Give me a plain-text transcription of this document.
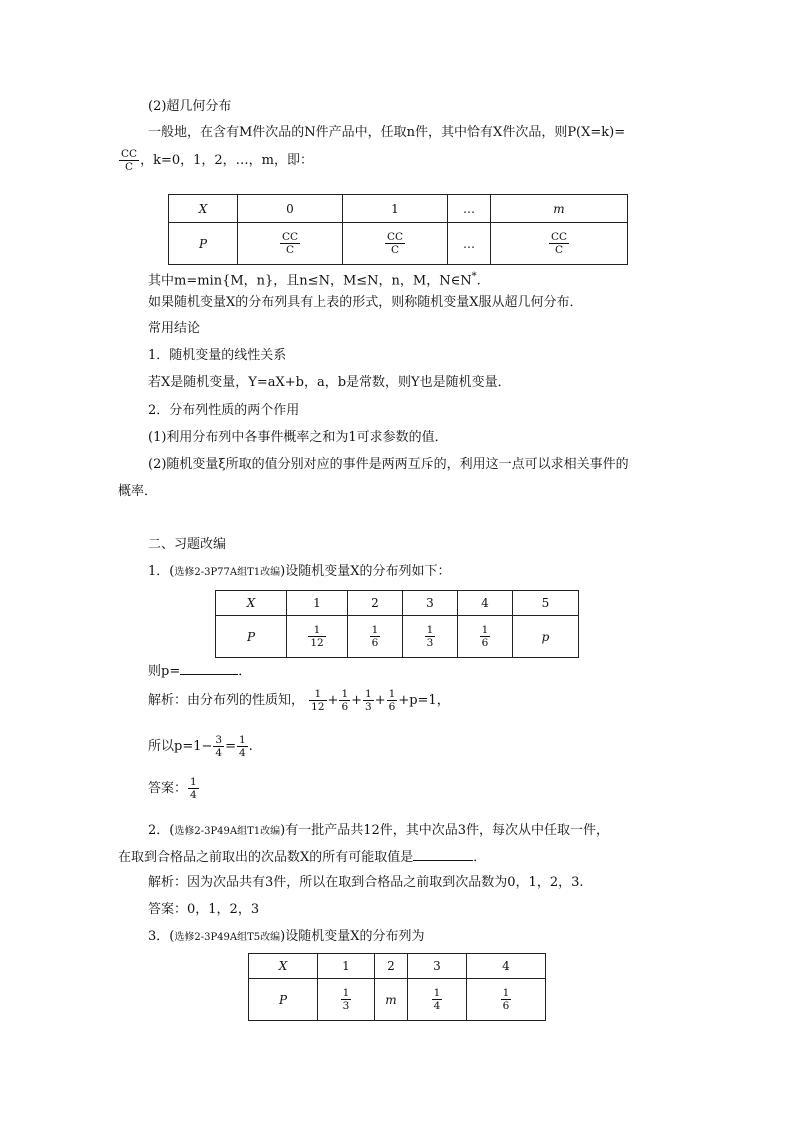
(2)超几何分布
一般地，在含有M件次品的N件产品中，任取n件，其中恰有X件次品，则P(X=k)=
$\frac{CC}{C}$ ，k=0，1，2，…，m，即：
X	0	1	…	m
P	$\frac{CC}{C}$	$\frac{CC}{C}$	…	$\frac{CC}{C}$
其中m=min{M，n}，且n≤N，M≤N，n，M，N∈N*.
如果随机变量X的分布列具有上表的形式，则称随机变量X服从超几何分布．
常用结论
1．随机变量的线性关系
若X是随机变量，Y=aX+b，a，b是常数，则Y也是随机变量．
2．分布列性质的两个作用
(1)利用分布列中各事件概率之和为1可求参数的值．
(2)随机变量ξ所取的值分别对应的事件是两两互斥的，利用这一点可以求相关事件的
概率．
二、习题改编
1．(选修2-3P77A组T1改编)设随机变量X的分布列如下：
X	1	2	3	4	5
P	$\frac{1}{12}$	$\frac{1}{6}$	$\frac{1}{3}$	$\frac{1}{6}$	p
则p=	．
解析：由分布列的性质知， $\frac{1}{12} + \frac{1}{6} + \frac{1}{3} + \frac{1}{6} +p=1$，
所以$p=1- \frac{3}{4} = \frac{1}{4}$ .
答案： $\frac{1}{4}$
2．(选修2-3P49A组T1改编)有一批产品共12件，其中次品3件，每次从中任取一件，
在取到合格品之前取出的次品数X的所有可能取值是	．
解析：因为次品共有3件，所以在取到合格品之前取到次品数为0，1，2，3.
答案：0，1，2，3
3．(选修2-3P49A组T5改编)设随机变量X的分布列为
X	1	2	3	4
P	$\frac{1}{3}$	m	$\frac{1}{4}$	$\frac{1}{6}$
